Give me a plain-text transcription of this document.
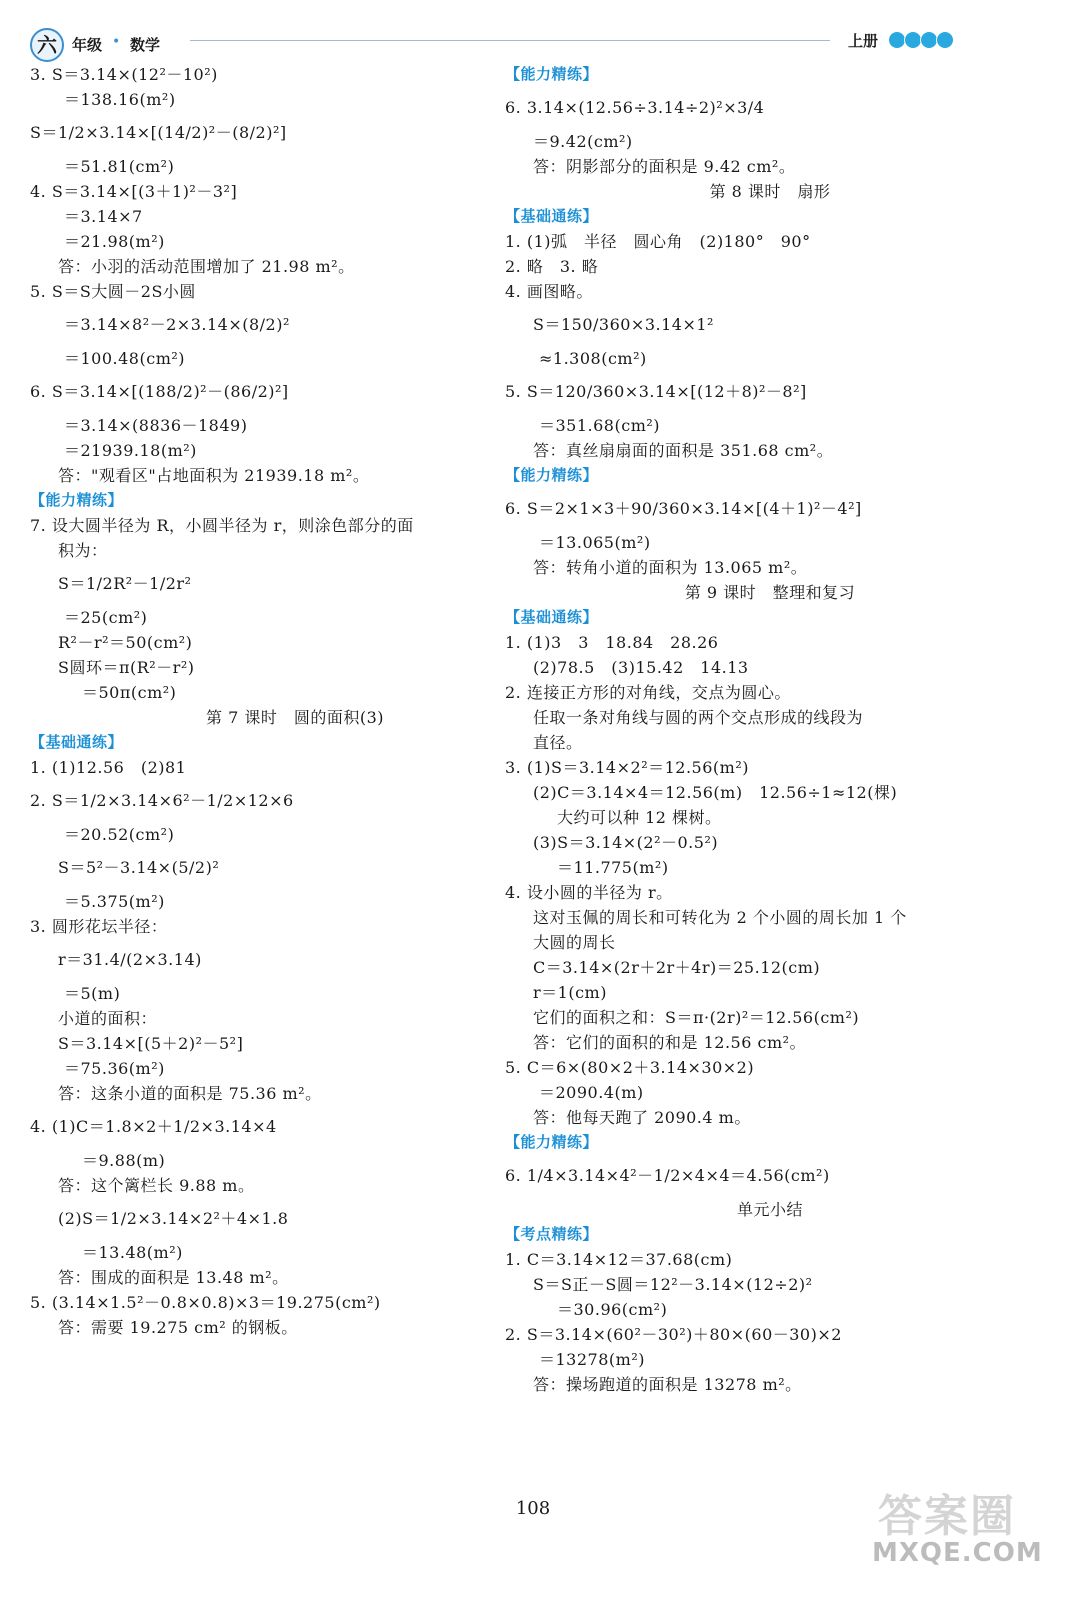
六	年级 • 数学	上册
3. S＝3.14×(12²－10²)
＝138.16(m²)
S＝1/2×3.14×[(14/2)²－(8/2)²]
＝51.81(cm²)
4. S＝3.14×[(3＋1)²－3²]
＝3.14×7
＝21.98(m²)
答：小羽的活动范围增加了 21.98 m²。
5. S＝S大圆－2S小圆
＝3.14×8²－2×3.14×(8/2)²
＝100.48(cm²)
6. S＝3.14×[(188/2)²－(86/2)²]
＝3.14×(8836－1849)
＝21939.18(m²)
答："观看区"占地面积为 21939.18 m²。
【能力精练】
7. 设大圆半径为 R，小圆半径为 r，则涂色部分的面
积为：
S＝1/2R²－1/2r²
＝25(cm²)
R²－r²＝50(cm²)
S圆环＝π(R²－r²)
＝50π(cm²)
第 7 课时　圆的面积(3)
【基础通练】
1. (1)12.56　(2)81
2. S＝1/2×3.14×6²－1/2×12×6
＝20.52(cm²)
S＝5²－3.14×(5/2)²
＝5.375(m²)
3. 圆形花坛半径：
r＝31.4/(2×3.14)
＝5(m)
小道的面积：
S＝3.14×[(5＋2)²－5²]
＝75.36(m²)
答：这条小道的面积是 75.36 m²。
4. (1)C＝1.8×2＋1/2×3.14×4
＝9.88(m)
答：这个篱栏长 9.88 m。
(2)S＝1/2×3.14×2²＋4×1.8
＝13.48(m²)
答：围成的面积是 13.48 m²。
5. (3.14×1.5²－0.8×0.8)×3＝19.275(cm²)
答：需要 19.275 cm² 的钢板。
【能力精练】
6. 3.14×(12.56÷3.14÷2)²×3/4
＝9.42(cm²)
答：阴影部分的面积是 9.42 cm²。
第 8 课时　扇形
【基础通练】
1. (1)弧　半径　圆心角　(2)180°　90°
2. 略　3. 略
4. 画图略。
S＝150/360×3.14×1²
≈1.308(cm²)
5. S＝120/360×3.14×[(12＋8)²－8²]
＝351.68(cm²)
答：真丝扇扇面的面积是 351.68 cm²。
【能力精练】
6. S＝2×1×3＋90/360×3.14×[(4＋1)²－4²]
＝13.065(m²)
答：转角小道的面积为 13.065 m²。
第 9 课时　整理和复习
【基础通练】
1. (1)3　3　18.84　28.26
(2)78.5　(3)15.42　14.13
2. 连接正方形的对角线，交点为圆心。
任取一条对角线与圆的两个交点形成的线段为
直径。
3. (1)S＝3.14×2²＝12.56(m²)
(2)C＝3.14×4＝12.56(m)　12.56÷1≈12(棵)
大约可以种 12 棵树。
(3)S＝3.14×(2²－0.5²)
＝11.775(m²)
4. 设小圆的半径为 r。
这对玉佩的周长和可转化为 2 个小圆的周长加 1 个
大圆的周长
C＝3.14×(2r＋2r＋4r)＝25.12(cm)
r＝1(cm)
它们的面积之和：S＝π·(2r)²＝12.56(cm²)
答：它们的面积的和是 12.56 cm²。
5. C＝6×(80×2＋3.14×30×2)
＝2090.4(m)
答：他每天跑了 2090.4 m。
【能力精练】
6. 1/4×3.14×4²－1/2×4×4＝4.56(cm²)
单元小结
【考点精练】
1. C＝3.14×12＝37.68(cm)
S＝S正－S圆＝12²－3.14×(12÷2)²
＝30.96(cm²)
2. S＝3.14×(60²－30²)＋80×(60－30)×2
＝13278(m²)
答：操场跑道的面积是 13278 m²。
108	答案圈
MXQE.COM
